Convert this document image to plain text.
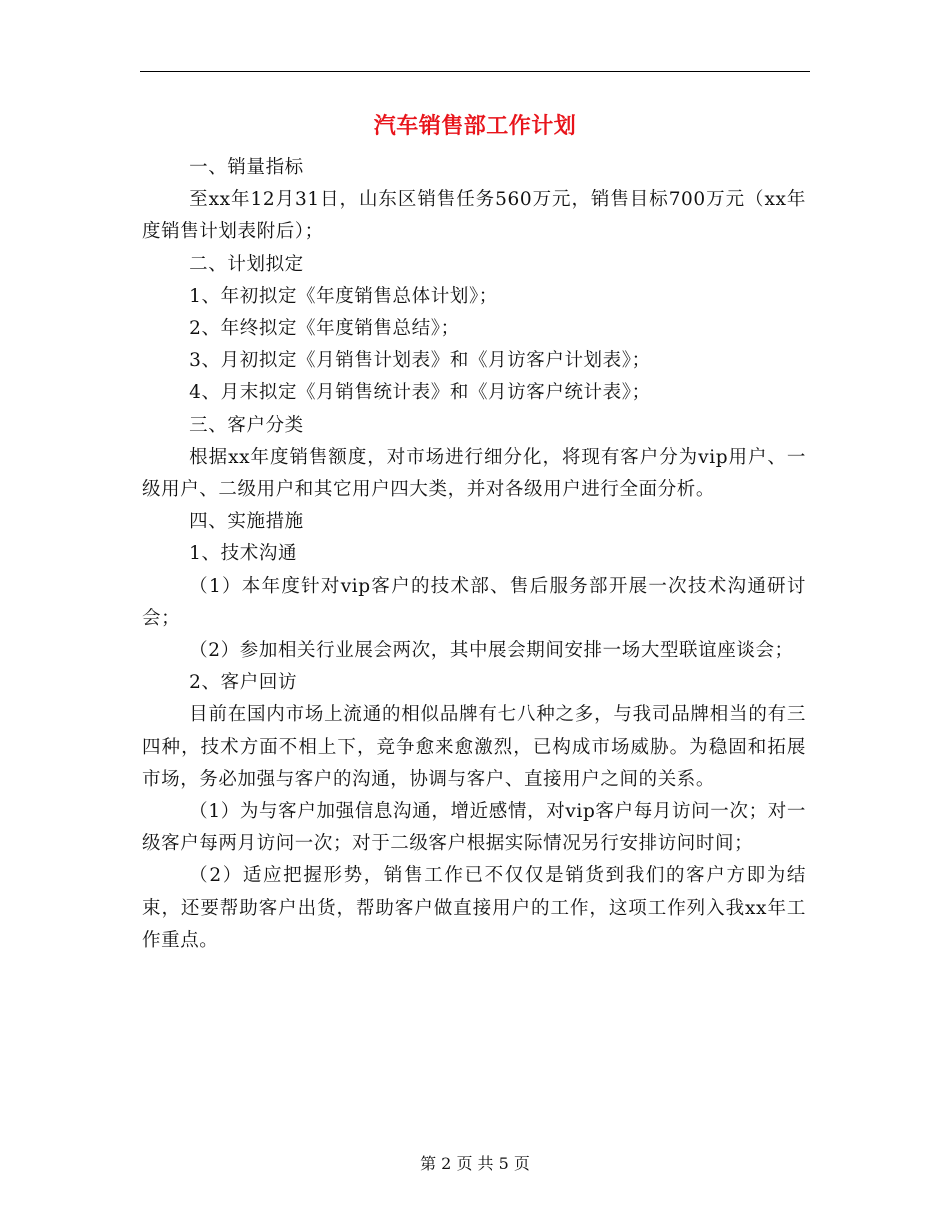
汽车销售部工作计划

一、销量指标

至xx年12月31日，山东区销售任务560万元，销售目标700万元（xx年度销售计划表附后）；

二、计划拟定

1、年初拟定《年度销售总体计划》；

2、年终拟定《年度销售总结》；

3、月初拟定《月销售计划表》和《月访客户计划表》；

4、月末拟定《月销售统计表》和《月访客户统计表》；

三、客户分类

根据xx年度销售额度，对市场进行细分化，将现有客户分为vip用户、一级用户、二级用户和其它用户四大类，并对各级用户进行全面分析。

四、实施措施

1、技术沟通

（1）本年度针对vip客户的技术部、售后服务部开展一次技术沟通研讨会；

（2）参加相关行业展会两次，其中展会期间安排一场大型联谊座谈会；

2、客户回访

目前在国内市场上流通的相似品牌有七八种之多，与我司品牌相当的有三四种，技术方面不相上下，竞争愈来愈激烈，已构成市场威胁。为稳固和拓展市场，务必加强与客户的沟通，协调与客户、直接用户之间的关系。

（1）为与客户加强信息沟通，增近感情，对vip客户每月访问一次；对一级客户每两月访问一次；对于二级客户根据实际情况另行安排访问时间；

（2）适应把握形势，销售工作已不仅仅是销货到我们的客户方即为结束，还要帮助客户出货，帮助客户做直接用户的工作，这项工作列入我xx年工作重点。

第 2 页 共 5 页
